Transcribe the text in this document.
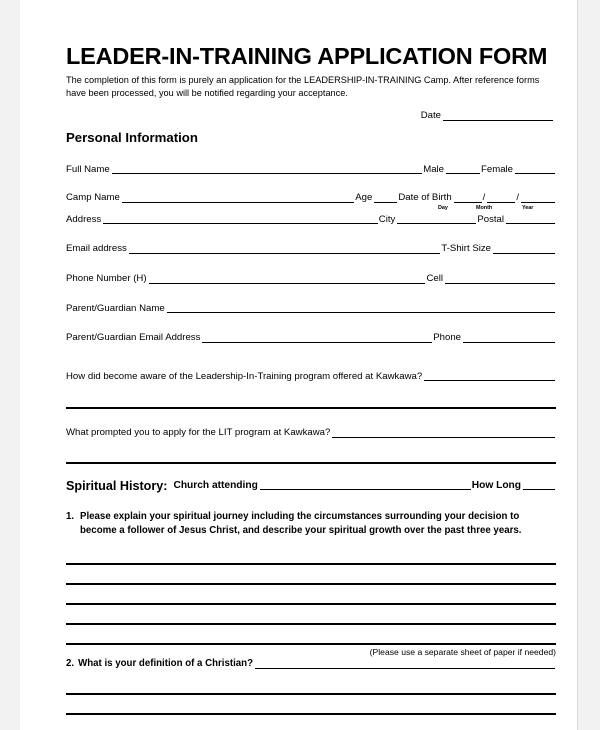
LEADER-IN-TRAINING APPLICATION FORM

The completion of this form is purely an application for the LEADERSHIP-IN-TRAINING Camp. After reference forms have been processed, you will be notified regarding your acceptance.

Date
Personal Information
Full Name	Male	Female
Camp Name	Age	Date of Birth	/	/
Day	Month	Year
Address	City	Postal
Email address	T-Shirt Size
Phone Number (H)	Cell
Parent/Guardian Name
Parent/Guardian Email Address	Phone
How did become aware of the Leadership-In-Training program offered at Kawkawa?
What prompted you to apply for the LIT program at Kawkawa?
Spiritual History: Church attending	How Long
1. Please explain your spiritual journey including the circumstances surrounding your decision to become a follower of Jesus Christ, and describe your spiritual growth over the past three years.
(Please use a separate sheet of paper if needed)
2. What is your definition of a Christian?
